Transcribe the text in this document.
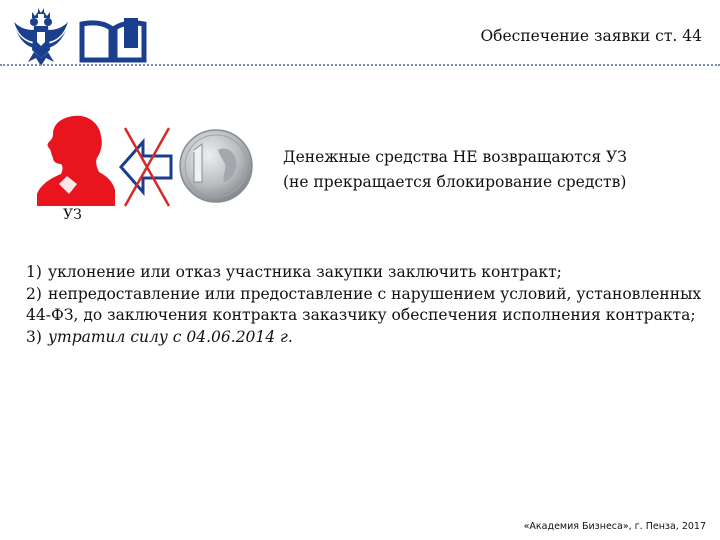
Обеспечение заявки ст. 44
УЗ
Денежные средства НЕ возвращаются УЗ
(не прекращается блокирование средств)

1) уклонение или отказ участника закупки заключить контракт;

2) непредоставление или предоставление с нарушением условий, установленных 44-ФЗ, до заключения контракта заказчику обеспечения исполнения контракта;

3) утратил силу с 04.06.2014 г.

«Академия Бизнеса», г. Пенза, 2017
